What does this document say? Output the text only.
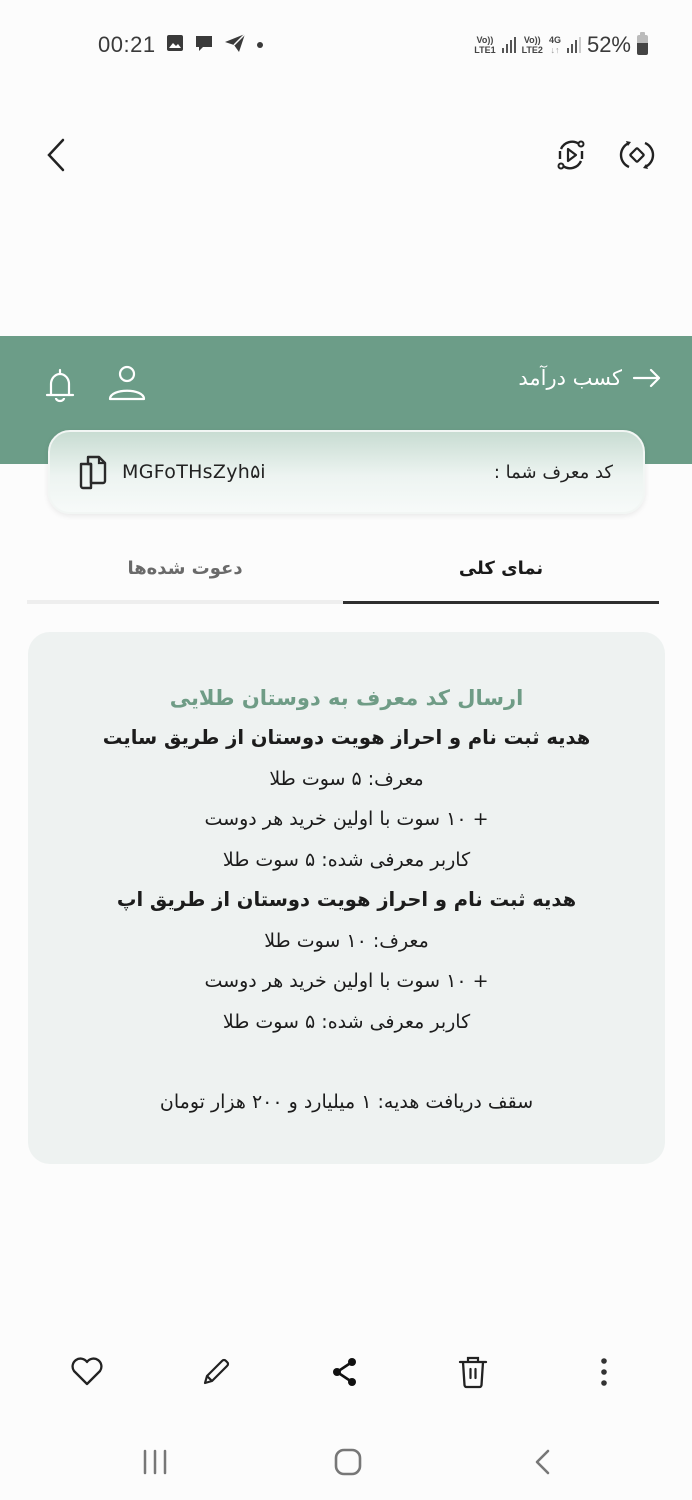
00:21	Vo))
LTE1
Vo))
LTE2
4G
↓↑ 52%
کسب درآمد
MGFoTHsZyh۵i	کد معرف شما :
نمای کلی
دعوت شده‌ها
ارسال کد معرف به دوستان طلایی
هدیه ثبت نام و احراز هویت دوستان از طریق سایت
معرف: ۵ سوت طلا
+ ۱۰ سوت با اولین خرید هر دوست
کاربر معرفی شده: ۵ سوت طلا
هدیه ثبت نام و احراز هویت دوستان از طریق اپ
معرف: ۱۰ سوت طلا
+ ۱۰ سوت با اولین خرید هر دوست
کاربر معرفی شده: ۵ سوت طلا
سقف دریافت هدیه: ۱ میلیارد و ۲۰۰ هزار تومان
